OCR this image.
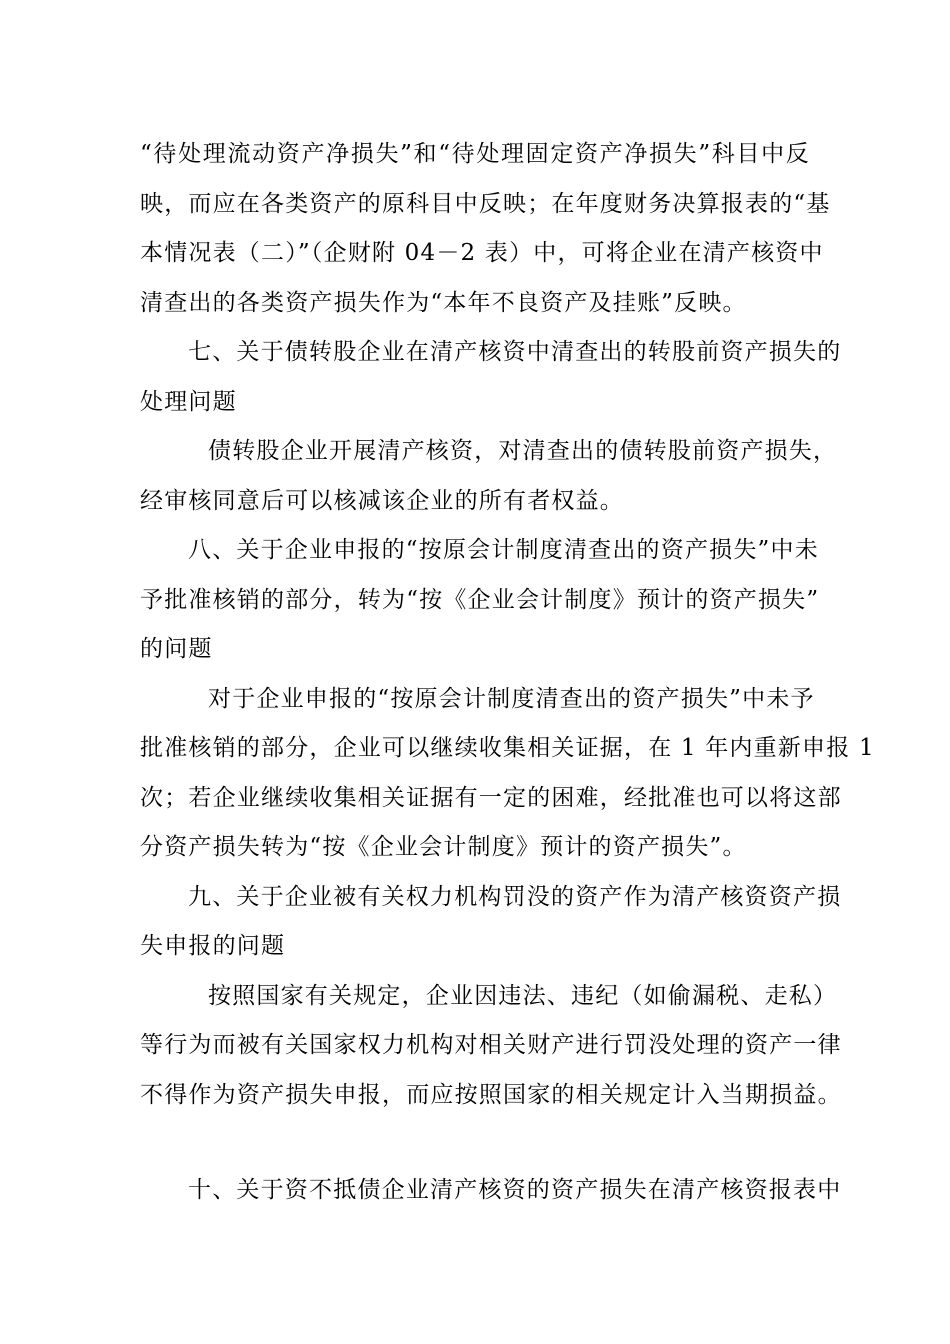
“待处理流动资产净损失”和“待处理固定资产净损失”科目中反
映，而应在各类资产的原科目中反映；在年度财务决算报表的“基
本情况表（二）”（企财附 04－2 表）中，可将企业在清产核资中
清查出的各类资产损失作为“本年不良资产及挂账”反映。
七、关于债转股企业在清产核资中清查出的转股前资产损失的
处理问题
债转股企业开展清产核资，对清查出的债转股前资产损失，
经审核同意后可以核减该企业的所有者权益。
八、关于企业申报的“按原会计制度清查出的资产损失”中未
予批准核销的部分，转为“按《企业会计制度》预计的资产损失”
的问题
对于企业申报的“按原会计制度清查出的资产损失”中未予
批准核销的部分，企业可以继续收集相关证据，在 1 年内重新申报 1
次；若企业继续收集相关证据有一定的困难，经批准也可以将这部
分资产损失转为“按《企业会计制度》预计的资产损失”。
九、关于企业被有关权力机构罚没的资产作为清产核资资产损
失申报的问题
按照国家有关规定，企业因违法、违纪（如偷漏税、走私）
等行为而被有关国家权力机构对相关财产进行罚没处理的资产一律
不得作为资产损失申报，而应按照国家的相关规定计入当期损益。
十、关于资不抵债企业清产核资的资产损失在清产核资报表中
